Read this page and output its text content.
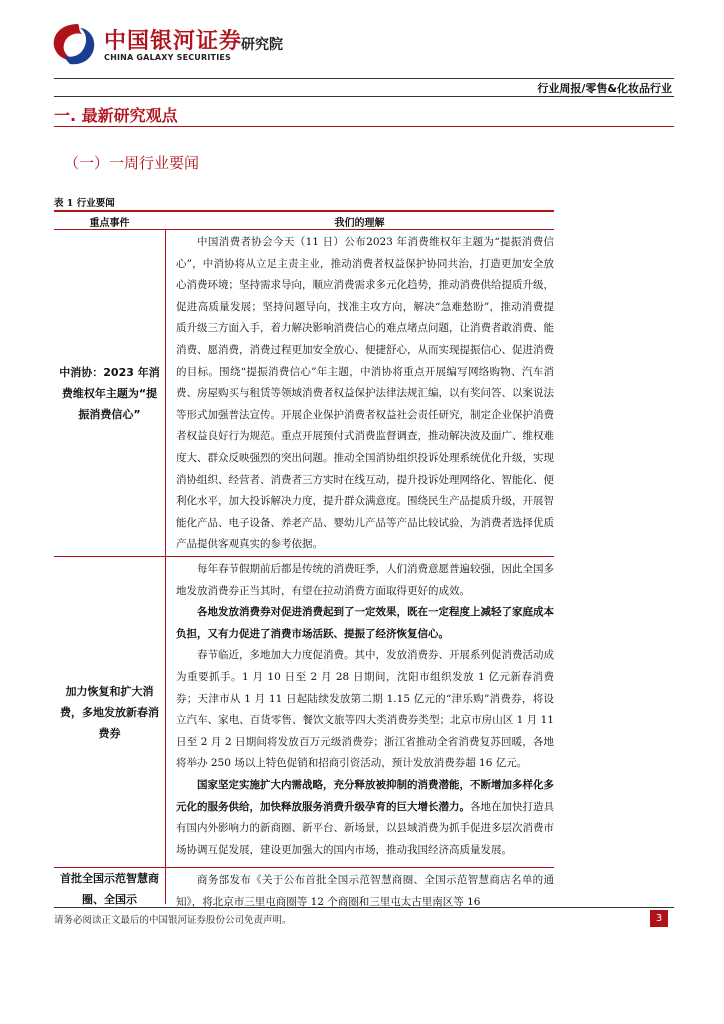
中国银河证券
研究院
CHINA GALAXY SECURITIES
行业周报/零售&化妆品行业
一. 最新研究观点
（一）一周行业要闻
表 1 行业要闻
重点事件	我们的理解
中消协：2023 年消费维权年主题为“提振消费信心”

中国消费者协会今天（11 日）公布2023 年消费维权年主题为“提振消费信心”，中消协将从立足主责主业，推动消费者权益保护协同共治，打造更加安全放心消费环境；坚持需求导向，顺应消费需求多元化趋势，推动消费供给提质升级，促进高质量发展；坚持问题导向，找准主攻方向，解决“急难愁盼”，推动消费提质升级三方面入手，着力解决影响消费信心的难点堵点问题，让消费者敢消费、能消费、愿消费，消费过程更加安全放心、便捷舒心，从而实现提振信心、促进消费的目标。围绕“提振消费信心”年主题，中消协将重点开展编写网络购物、汽车消费、房屋购买与租赁等领域消费者权益保护法律法规汇编，以有奖问答、以案说法等形式加强普法宣传。开展企业保护消费者权益社会责任研究，制定企业保护消费者权益良好行为规范。重点开展预付式消费监督调查，推动解决波及面广、维权难度大、群众反映强烈的突出问题。推动全国消协组织投诉处理系统优化升级，实现消协组织、经营者、消费者三方实时在线互动，提升投诉处理网络化、智能化、便利化水平，加大投诉解决力度，提升群众满意度。围绕民生产品提质升级，开展智能化产品、电子设备、养老产品、婴幼儿产品等产品比较试验，为消费者选择优质产品提供客观真实的参考依据。

加力恢复和扩大消费，多地发放新春消费券

每年春节假期前后都是传统的消费旺季，人们消费意愿普遍较强，因此全国多地发放消费券正当其时，有望在拉动消费方面取得更好的成效。

各地发放消费券对促进消费起到了一定效果，既在一定程度上减轻了家庭成本负担，又有力促进了消费市场活跃、提振了经济恢复信心。

春节临近，多地加大力度促消费。其中，发放消费券、开展系列促消费活动成为重要抓手。1 月 10 日至 2 月 28 日期间，沈阳市组织发放 1 亿元新春消费券；天津市从 1 月 11 日起陆续发放第二期 1.15 亿元的“津乐购”消费券，将设立汽车、家电、百货零售、餐饮文旅等四大类消费券类型；北京市房山区 1 月 11 日至 2 月 2 日期间将发放百万元级消费券；浙江省推动全省消费复苏回暖，各地将举办 250 场以上特色促销和招商引资活动，预计发放消费券超 16 亿元。

国家坚定实施扩大内需战略，充分释放被抑制的消费潜能，不断增加多样化多元化的服务供给，加快释放服务消费升级孕育的巨大增长潜力。各地在加快打造具有国内外影响力的新商圈、新平台、新场景，以县域消费为抓手促进多层次消费市场协调互促发展，建设更加强大的国内市场，推动我国经济高质量发展。

首批全国示范智慧商圈、全国示

商务部发布《关于公布首批全国示范智慧商圈、全国示范智慧商店名单的通知》，将北京市三里屯商圈等 12 个商圈和三里屯太古里南区等 16

请务必阅读正文最后的中国银河证券股份公司免责声明。	3
